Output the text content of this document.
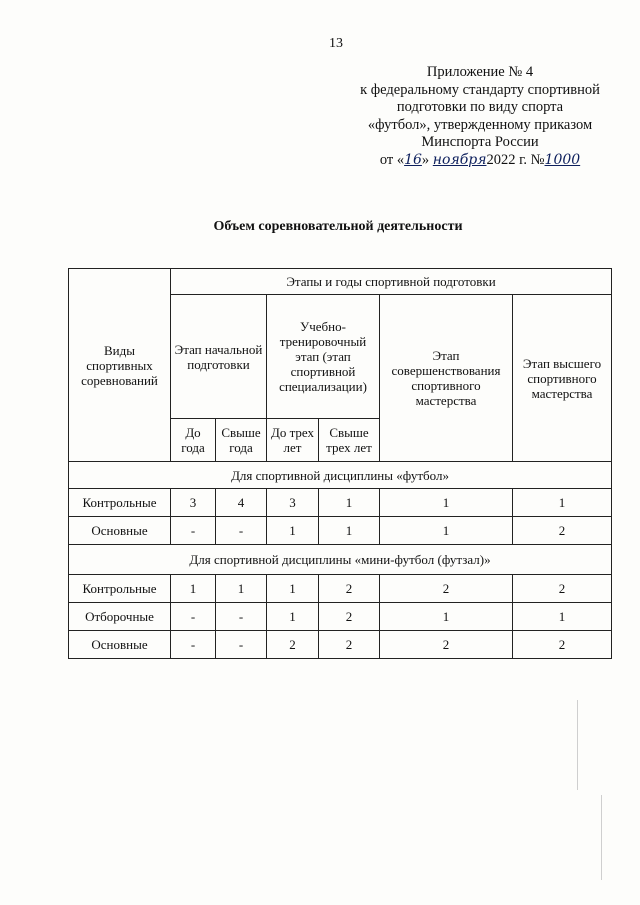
13
Приложение № 4
к федеральному стандарту спортивной
подготовки по виду спорта
«футбол», утвержденному приказом
Минспорта России
от «16» ноября2022 г. №1000
Объем соревновательной деятельности
Виды спортивных соревнований	Этапы и годы спортивной подготовки					
	Этап начальной подготовки		Учебно-тренировочный этап (этап спортивной специализации)		Этап совершенствования спортивного мастерства	Этап высшего спортивного мастерства
	До года	Свыше года	До трех лет	Свыше трех лет		
Для спортивной дисциплины «футбол»						
Контрольные	3	4	3	1	1	1
Основные	-	-	1	1	1	2
Для спортивной дисциплины «мини-футбол (футзал)»						
Контрольные	1	1	1	2	2	2
Отборочные	-	-	1	2	1	1
Основные	-	-	2	2	2	2
